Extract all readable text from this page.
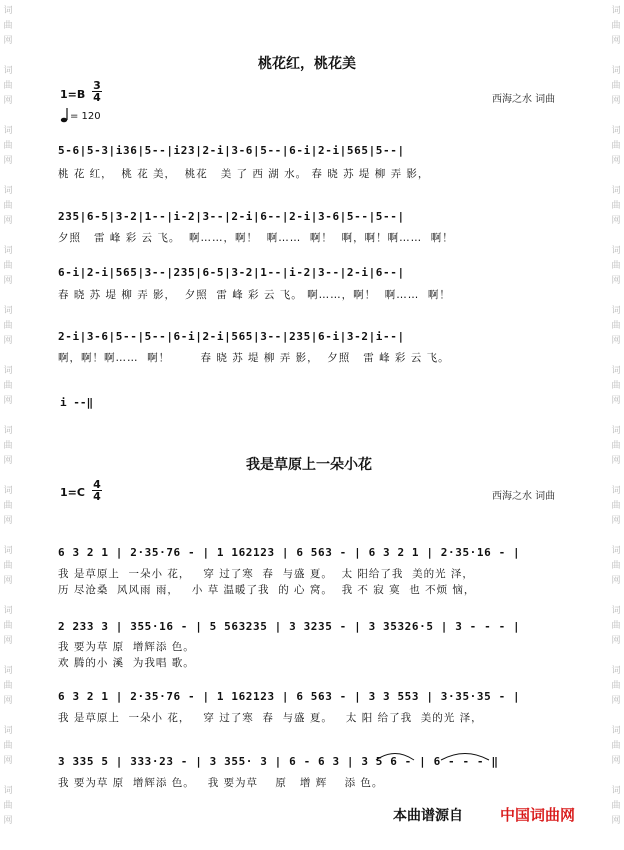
词
曲
网
词
曲
网
词
曲
网
词
曲
网
词
曲
网
词
曲
网
词
曲
网
词
曲
网
词
曲
网
词
曲
网
词
曲
网
词
曲
网
词
曲
网
词
曲
网
词
曲
网
词
曲
网
词
曲
网
词
曲
网
词
曲
网
词
曲
网
词
曲
网
词
曲
网
词
曲
网
词
曲
网
词
曲
网
词
曲
网
词
曲
网
词
曲
网
桃花红，桃花美
西海之水 词曲
$1=B \frac{3}{4}$
= 120
5-6|5-3|i36|5--|i23|2-i|3-6|5--|6-i|2-i|565|5--|
桃 花 红，  桃 花 美，  桃花   美 了 西 湖 水。 春 晓 苏 堤 柳 弄 影，
235|6-5|3-2|1--|i-2|3--|2-i|6--|2-i|3-6|5--|5--|
夕照   雷 峰 彩 云 飞。  啊……，啊！  啊……  啊！  啊，啊！啊……  啊！
6-i|2-i|565|3--|235|6-5|3-2|1--|i-2|3--|2-i|6--|
春 晓 苏 堤 柳 弄 影，  夕照  雷 峰 彩 云 飞。 啊……，啊！  啊……  啊！
2-i|3-6|5--|5--|6-i|2-i|565|3--|235|6-i|3-2|i--|
啊，啊！啊……  啊！       春 晓 苏 堤 柳 弄 影，  夕照   雷 峰 彩 云 飞。
i --‖
我是草原上一朵小花
西海之水 词曲
$1=C \frac{4}{4}$
6 3 2 1 | 2·35·76 - | 1 162123 | 6 563 - | 6 3 2 1 | 2·35·16 - |
我 是草原上  一朵小 花，   穿 过了寒  春  与盛 夏。  太 阳给了我  美的光 泽，
历 尽沧桑  风风雨 雨，   小 草 温暖了我  的 心 窝。  我 不 寂 寞  也 不烦 恼，
2 233 3 | 355·16 - | 5 563235 | 3 3235 - | 3 35326·5 | 3 - - - |
我 要为草 原  增辉添 色。
欢 腾的小 溪  为我唱 歌。
6 3 2 1 | 2·35·76 - | 1 162123 | 6 563 - | 3 3 553 | 3·35·35 - |
我 是草原上  一朵小 花，   穿 过了寒  春  与盛 夏。   太 阳 给了我  美的光 泽，
3 335 5 | 333·23 - | 3 355· 3 | 6 - 6 3 | 3 5 6 - | 6 - - - ‖
我 要为草 原  增辉添 色。   我 要为草    原   增 辉    添 色。
本曲谱源自 中国词曲网
